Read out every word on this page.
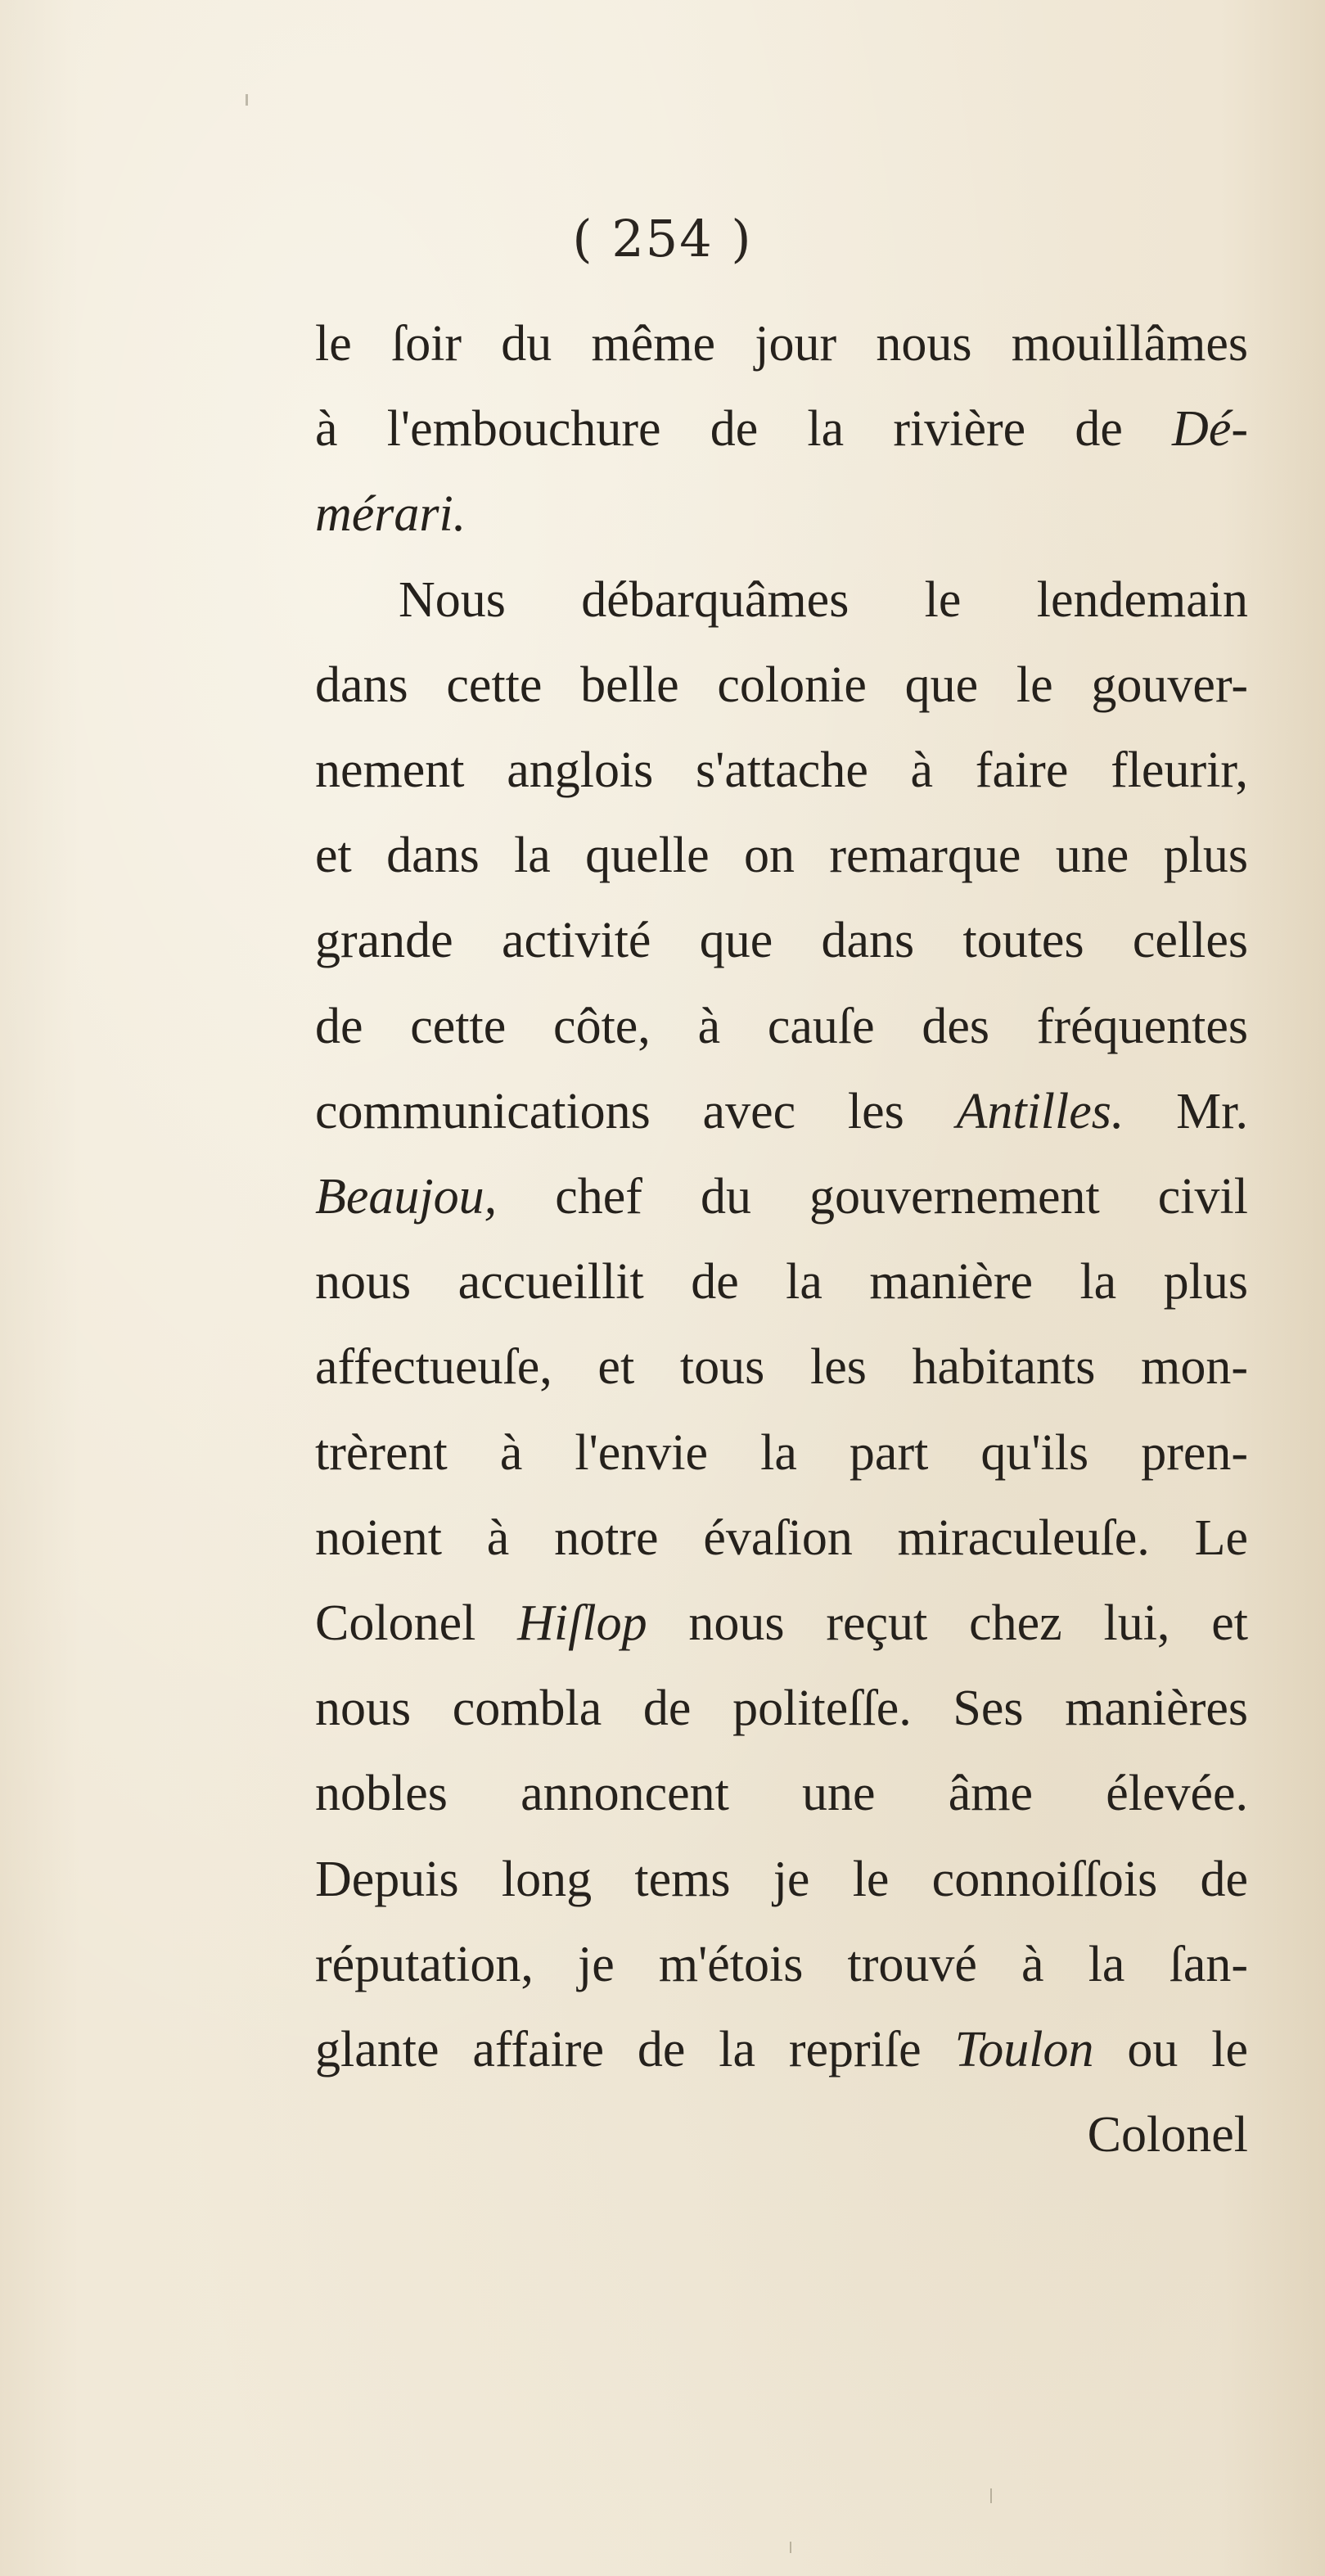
( 254 )
le ſoir du même jour nous mouillâmes
à l'embouchure de la rivière de Dé-
mérari.
Nous débarquâmes le lendemain
dans cette belle colonie que le gouver-
nement anglois s'attache à faire fleurir,
et dans la quelle on remarque une plus
grande activité que dans toutes celles
de cette côte, à cauſe des fréquentes
communications avec les Antilles. Mr.
Beaujou, chef du gouvernement civil
nous accueillit de la manière la plus
affectueuſe, et tous les habitants mon-
trèrent à l'envie la part qu'ils pren-
noient à notre évaſion miraculeuſe. Le
Colonel Hiſlop nous reçut chez lui, et
nous combla de politeſſe. Ses manières
nobles annoncent une âme élevée.
Depuis long tems je le connoiſſois de
réputation, je m'étois trouvé à la ſan-
glante affaire de la repriſe Toulon ou le
Colonel
